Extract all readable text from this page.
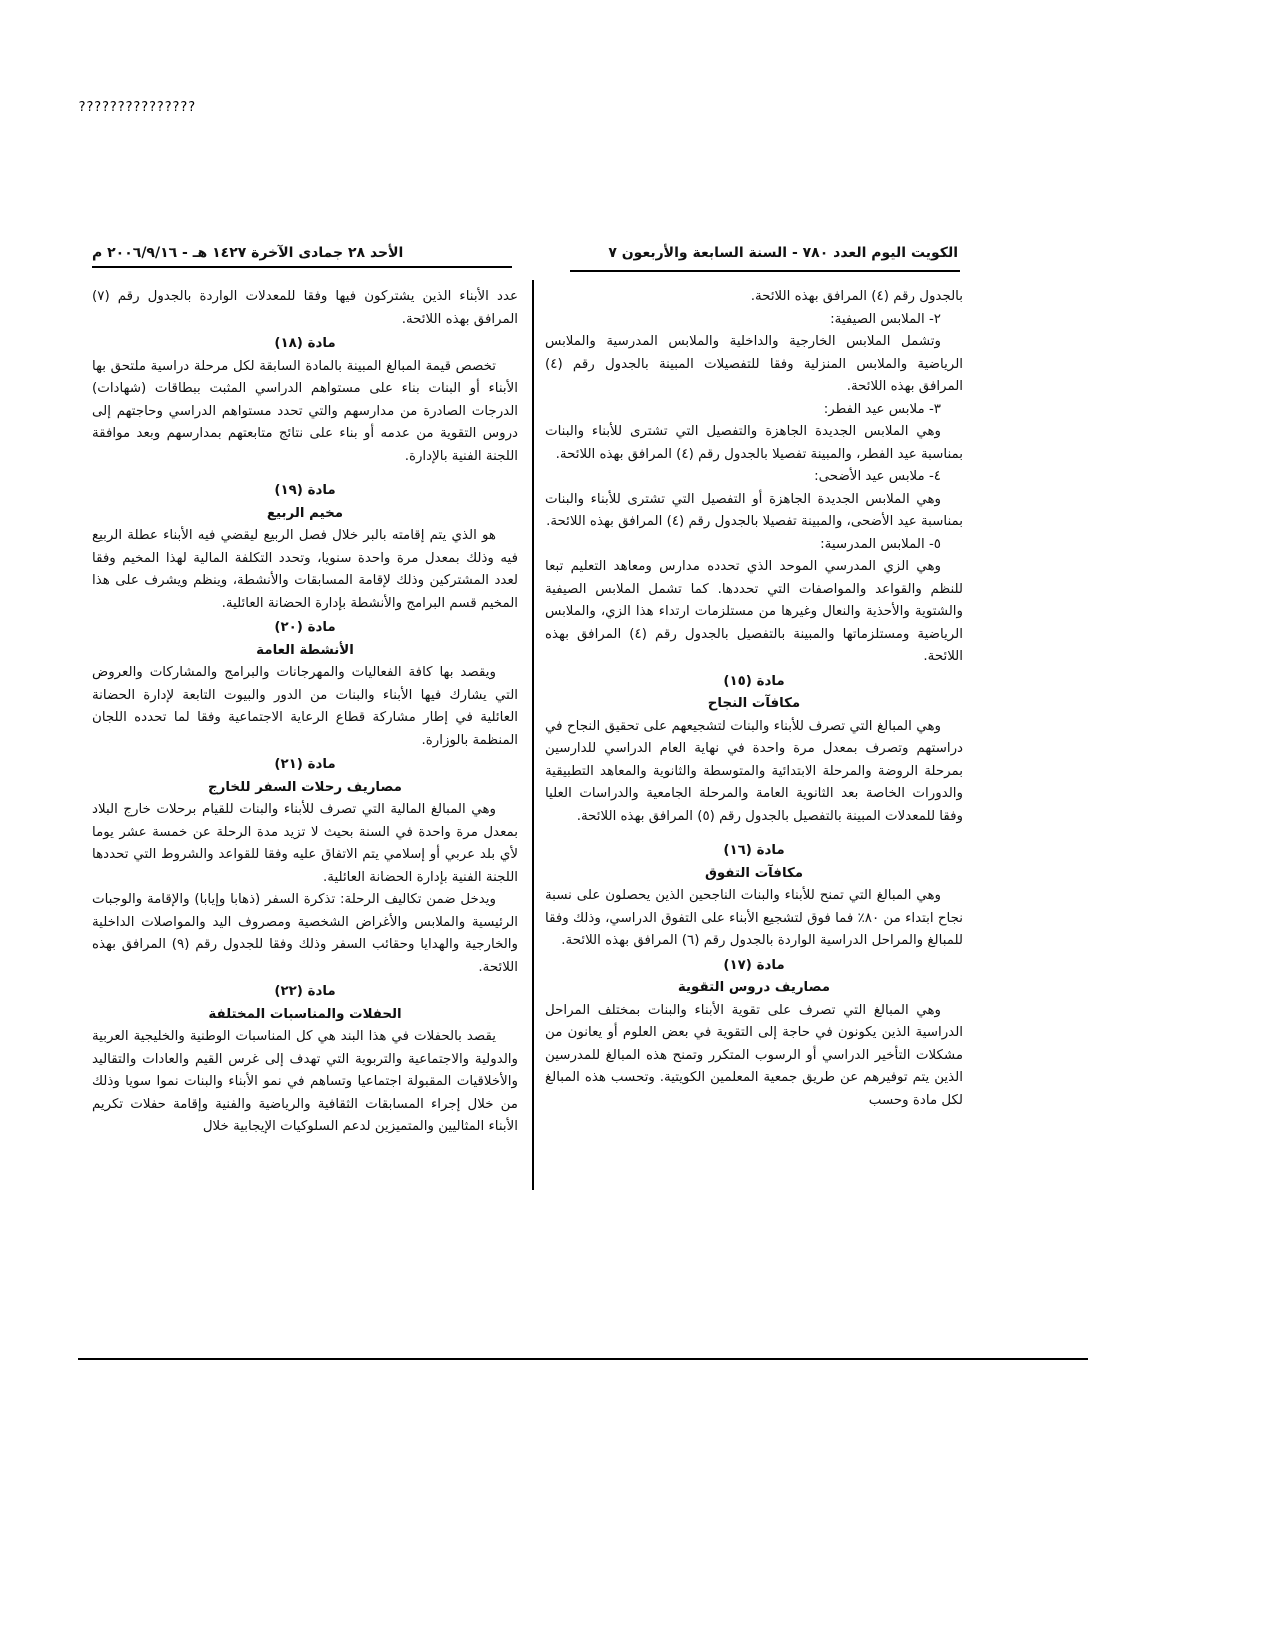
???????????????
الكويت اليوم العدد ٧٨٠ - السنة السابعة والأربعون ٧
الأحد ٢٨ جمادى الآخرة ١٤٢٧ هـ - ٢٠٠٦/٩/١٦ م

بالجدول رقم (٤) المرافق بهذه اللائحة.

٢- الملابس الصيفية:

وتشمل الملابس الخارجية والداخلية والملابس المدرسية والملابس الرياضية والملابس المنزلية وفقا للتفصيلات المبينة بالجدول رقم (٤) المرافق بهذه اللائحة.

٣- ملابس عيد الفطر:

وهي الملابس الجديدة الجاهزة والتفصيل التي تشترى للأبناء والبنات بمناسبة عيد الفطر، والمبينة تفصيلا بالجدول رقم (٤) المرافق بهذه اللائحة.

٤- ملابس عيد الأضحى:

وهي الملابس الجديدة الجاهزة أو التفصيل التي تشترى للأبناء والبنات بمناسبة عيد الأضحى، والمبينة تفصيلا بالجدول رقم (٤) المرافق بهذه اللائحة.

٥- الملابس المدرسية:

وهي الزي المدرسي الموحد الذي تحدده مدارس ومعاهد التعليم تبعا للنظم والقواعد والمواصفات التي تحددها. كما تشمل الملابس الصيفية والشتوية والأحذية والنعال وغيرها من مستلزمات ارتداء هذا الزي، والملابس الرياضية ومستلزماتها والمبينة بالتفصيل بالجدول رقم (٤) المرافق بهذه اللائحة.

مادة (١٥)

مكافآت النجاح

وهي المبالغ التي تصرف للأبناء والبنات لتشجيعهم على تحقيق النجاح في دراستهم وتصرف بمعدل مرة واحدة في نهاية العام الدراسي للدارسين بمرحلة الروضة والمرحلة الابتدائية والمتوسطة والثانوية والمعاهد التطبيقية والدورات الخاصة بعد الثانوية العامة والمرحلة الجامعية والدراسات العليا وفقا للمعدلات المبينة بالتفصيل بالجدول رقم (٥) المرافق بهذه اللائحة.

مادة (١٦)

مكافآت التفوق

وهي المبالغ التي تمنح للأبناء والبنات الناجحين الذين يحصلون على نسبة نجاح ابتداء من ٨٠٪ فما فوق لتشجيع الأبناء على التفوق الدراسي، وذلك وفقا للمبالغ والمراحل الدراسية الواردة بالجدول رقم (٦) المرافق بهذه اللائحة.

مادة (١٧)

مصاريف دروس التقوية

وهي المبالغ التي تصرف على تقوية الأبناء والبنات بمختلف المراحل الدراسية الذين يكونون في حاجة إلى التقوية في بعض العلوم أو يعانون من مشكلات التأخير الدراسي أو الرسوب المتكرر وتمنح هذه المبالغ للمدرسين الذين يتم توفيرهم عن طريق جمعية المعلمين الكويتية. وتحسب هذه المبالغ لكل مادة وحسب

عدد الأبناء الذين يشتركون فيها وفقا للمعدلات الواردة بالجدول رقم (٧) المرافق بهذه اللائحة.

مادة (١٨)

تخصص قيمة المبالغ المبينة بالمادة السابقة لكل مرحلة دراسية ملتحق بها الأبناء أو البنات بناء على مستواهم الدراسي المثبت ببطاقات (شهادات) الدرجات الصادرة من مدارسهم والتي تحدد مستواهم الدراسي وحاجتهم إلى دروس التقوية من عدمه أو بناء على نتائج متابعتهم بمدارسهم وبعد موافقة اللجنة الفنية بالإدارة.

مادة (١٩)

مخيم الربيع

هو الذي يتم إقامته بالبر خلال فصل الربيع ليقضي فيه الأبناء عطلة الربيع فيه وذلك بمعدل مرة واحدة سنويا، وتحدد التكلفة المالية لهذا المخيم وفقا لعدد المشتركين وذلك لإقامة المسابقات والأنشطة، وينظم ويشرف على هذا المخيم قسم البرامج والأنشطة بإدارة الحضانة العائلية.

مادة (٢٠)

الأنشطة العامة

ويقصد بها كافة الفعاليات والمهرجانات والبرامج والمشاركات والعروض التي يشارك فيها الأبناء والبنات من الدور والبيوت التابعة لإدارة الحضانة العائلية في إطار مشاركة قطاع الرعاية الاجتماعية وفقا لما تحدده اللجان المنظمة بالوزارة.

مادة (٢١)

مصاريف رحلات السفر للخارج

وهي المبالغ المالية التي تصرف للأبناء والبنات للقيام برحلات خارج البلاد بمعدل مرة واحدة في السنة بحيث لا تزيد مدة الرحلة عن خمسة عشر يوما لأي بلد عربي أو إسلامي يتم الاتفاق عليه وفقا للقواعد والشروط التي تحددها اللجنة الفنية بإدارة الحضانة العائلية.

ويدخل ضمن تكاليف الرحلة: تذكرة السفر (ذهابا وإيابا) والإقامة والوجبات الرئيسية والملابس والأغراض الشخصية ومصروف اليد والمواصلات الداخلية والخارجية والهدايا وحقائب السفر وذلك وفقا للجدول رقم (٩) المرافق بهذه اللائحة.

مادة (٢٢)

الحفلات والمناسبات المختلفة

يقصد بالحفلات في هذا البند هي كل المناسبات الوطنية والخليجية العربية والدولية والاجتماعية والتربوية التي تهدف إلى غرس القيم والعادات والتقاليد والأخلاقيات المقبولة اجتماعيا وتساهم في نمو الأبناء والبنات نموا سويا وذلك من خلال إجراء المسابقات الثقافية والرياضية والفنية وإقامة حفلات تكريم الأبناء المثاليين والمتميزين لدعم السلوكيات الإيجابية خلال
